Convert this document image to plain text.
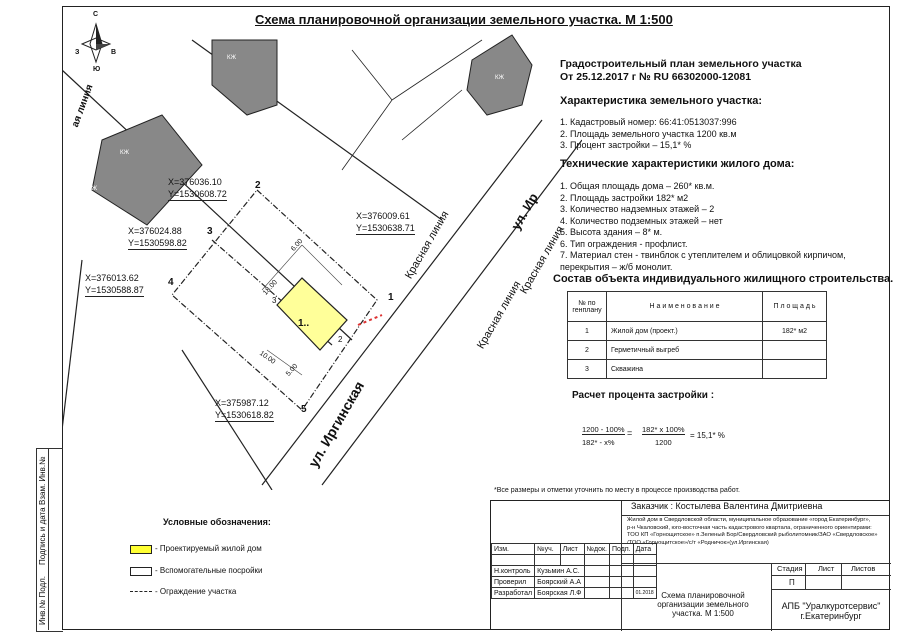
Схема планировочной организации земельного участка. М 1:500
Взам. Инв.№
Подпись и дата
Инв.№ Подл.
С
Ю
З	В
ая линия
Красная линия	Красная линия
Красная линия
ул. Ир
ул. Иргинская
X=376036.10
Y=1530608.72
X=376024.88
Y=1530598.82
X=376013.62
Y=1530588.87
X=376009.61
Y=1530638.71
X=375987.12
Y=1530618.82
1
2
3
4
5
1..
3
2
КЖ
КЖ
КЖ
КЖ
18.00
6.00
10.00
5.00
Градостроительный план земельного участка
От 25.12.2017 г № RU 66302000-12081
Характеристика земельного участка:
1. Кадастровый номер: 66:41:0513037:996
2. Площадь земельного участка 1200 кв.м
3. Процент застройки – 15,1* %
Технические характеристики жилого дома:
1. Общая площадь дома – 260* кв.м.
2. Площадь застройки 182* м2
3. Количество надземных этажей – 2
4. Количество подземных этажей – нет
5. Высота здания – 8* м.
6. Тип ограждения - профлист.
7. Материал стен - твинблок с утеплителем и облицовкой кирпичом,
перекрытия – ж/б монолит.
Состав объекта индивидуального жилищного строительства.
№ по генплану	Н а и м е н о в а н и е	П л о щ а д ь
1	Жилой дом (проект.)	182* м2
2	Герметичный выгреб	
3	Скважина	
Расчет процента застройки :
1200 - 100%
182* - x%
= 182* x 100%
1200
= 15,1* %
*Все размеры и отметки уточнить по месту в процессе производства работ.
Условные обозначения:
- Проектируемый жилой дом
- Вспомогательные посройки
- Ограждение участка
Заказчик : Костылева Валентина Дмитриевна
Жилой дом в Свердловской области, муниципальное образование «город Екатеринбург»,
р-н Чкаловский, юго-восточная часть кадастрового квартала, ограниченного ориентирами:
ТОО КП «Горнощитское» п.Зеленый Бор/Свердловский рыболитомник/ЗАО «Свердловское»
/ТОО «Горнощитское»/с/т «Родничок»(ул.Иргинская)
Изм.	№уч.	Лист	№док.	Подп.	Дата

Н.контроль	Кузьмин А.С.				
Проверил	Боярский А.А				
Разработал	Боярская Л.Ф				01.2018
Стадия Лист Листов
П
Схема планировочной организации земельного участка. М 1:500
АПБ "Уралкуротсервис" г.Екатеринбург
